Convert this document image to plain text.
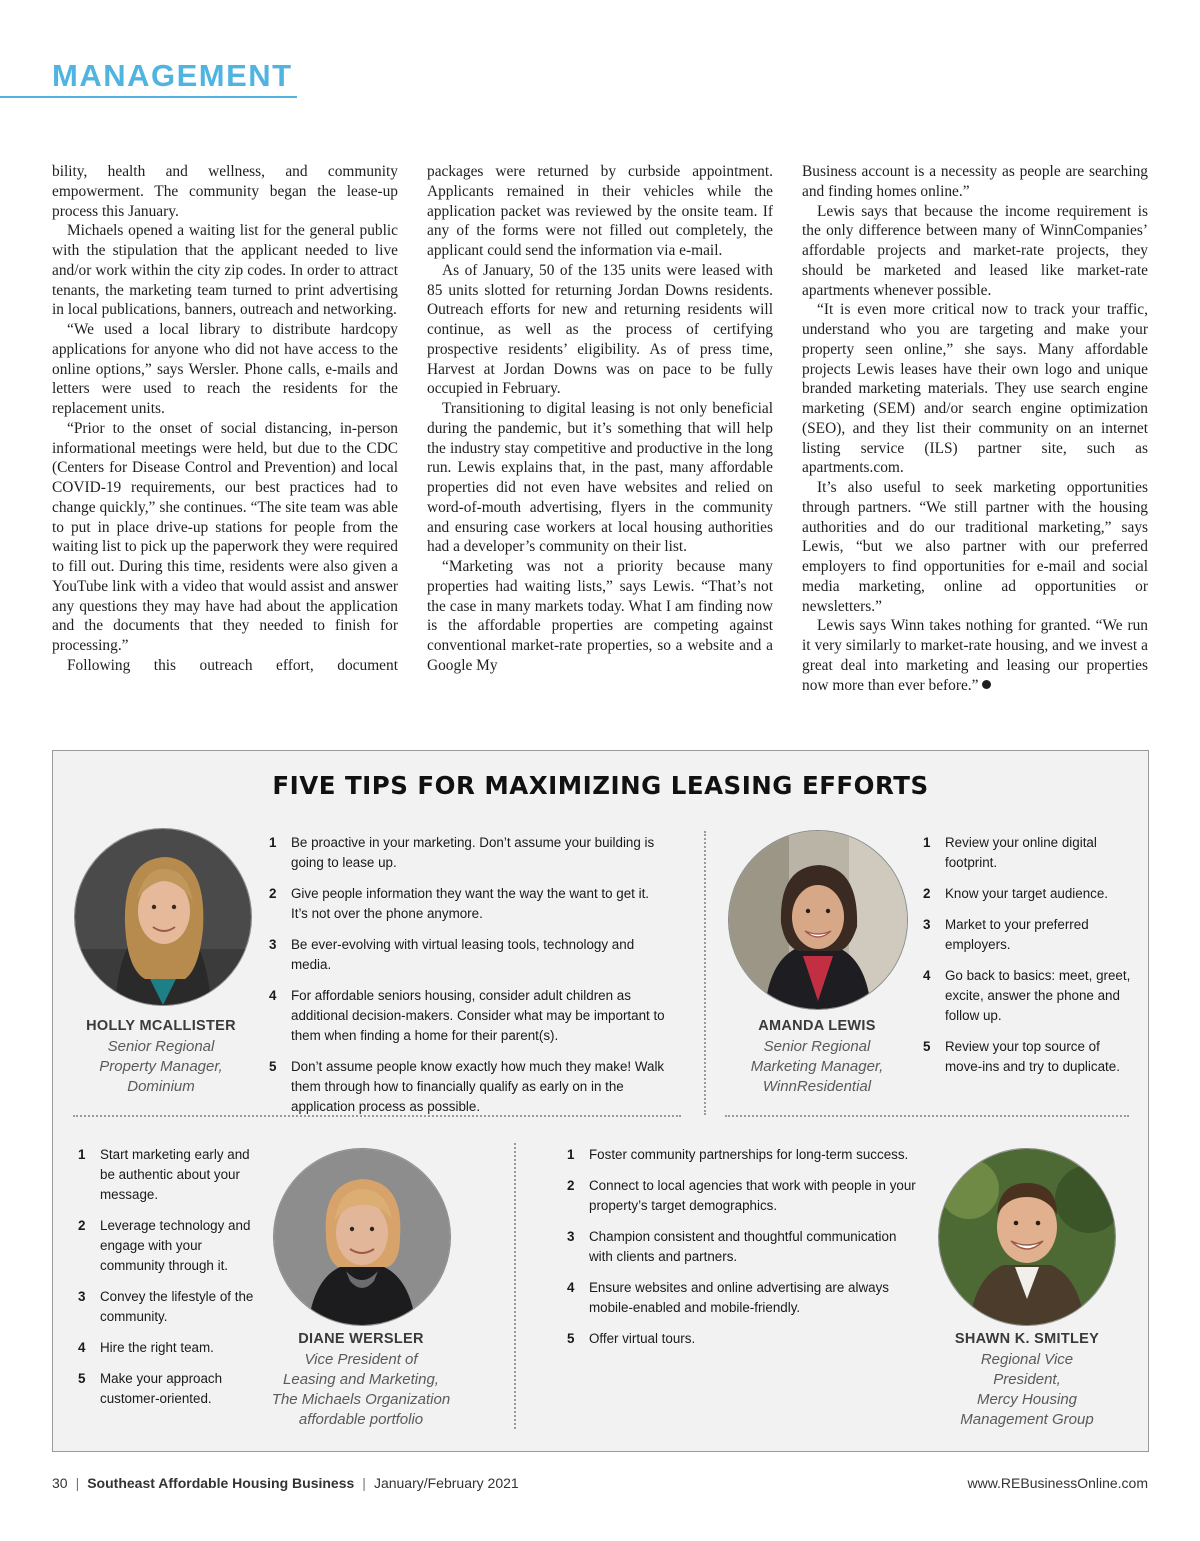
MANAGEMENT

bility, health and wellness, and community empowerment. The community began the lease-up process this January.

Michaels opened a waiting list for the general public with the stipulation that the applicant needed to live and/or work within the city zip codes. In order to attract tenants, the marketing team turned to print advertising in local publications, banners, outreach and networking.

“We used a local library to distribute hardcopy applications for anyone who did not have access to the online options,” says Wersler. Phone calls, e-mails and letters were used to reach the residents for the replacement units.

“Prior to the onset of social distancing, in-person informational meetings were held, but due to the CDC (Centers for Disease Control and Prevention) and local COVID-19 requirements, our best practices had to change quickly,” she continues. “The site team was able to put in place drive-up stations for people from the waiting list to pick up the paperwork they were required to fill out. During this time, residents were also given a YouTube link with a video that would assist and answer any questions they may have had about the application and the documents that they needed to finish for processing.”

Following this outreach effort, document

packages were returned by curbside appointment. Applicants remained in their vehicles while the application packet was reviewed by the onsite team. If any of the forms were not filled out completely, the applicant could send the information via e-mail.

As of January, 50 of the 135 units were leased with 85 units slotted for returning Jordan Downs residents. Outreach efforts for new and returning residents will continue, as well as the process of certifying prospective residents’ eligibility. As of press time, Harvest at Jordan Downs was on pace to be fully occupied in February.

Transitioning to digital leasing is not only beneficial during the pandemic, but it’s something that will help the industry stay competitive and productive in the long run. Lewis explains that, in the past, many affordable properties did not even have websites and relied on word-of-mouth advertising, flyers in the community and ensuring case workers at local housing authorities had a developer’s community on their list.

“Marketing was not a priority because many properties had waiting lists,” says Lewis. “That’s not the case in many markets today. What I am finding now is the affordable properties are competing against conventional market-rate properties, so a website and a Google My

Business account is a necessity as people are searching and finding homes online.”

Lewis says that because the income requirement is the only difference between many of WinnCompanies’ affordable projects and market-rate projects, they should be marketed and leased like market-rate apartments whenever possible.

“It is even more critical now to track your traffic, understand who you are targeting and make your property seen online,” she says. Many affordable projects Lewis leases have their own logo and unique branded marketing materials. They use search engine marketing (SEM) and/or search engine optimization (SEO), and they list their community on an internet listing service (ILS) partner site, such as apartments.com.

It’s also useful to seek marketing opportunities through partners. “We still partner with the housing authorities and do our traditional marketing,” says Lewis, “but we also partner with our preferred employers to find opportunities for e-mail and social media marketing, online ad opportunities or newsletters.”

Lewis says Winn takes nothing for granted. “We run it very similarly to market-rate housing, and we invest a great deal into marketing and leasing our properties now more than ever before.”

FIVE TIPS FOR MAXIMIZING LEASING EFFORTS
HOLLY MCALLISTER
Senior Regional
Property Manager,
Dominium
1 Be proactive in your marketing. Don’t assume your building is going to lease up.
2 Give people information they want the way the want to get it. It’s not over the phone anymore.
3 Be ever-evolving with virtual leasing tools, technology and media.
4 For affordable seniors housing, consider adult children as additional decision-makers. Consider what may be important to them when finding a home for their parent(s).
5 Don’t assume people know exactly how much they make! Walk them through how to financially qualify as early on in the application process as possible.
AMANDA LEWIS
Senior Regional
Marketing Manager,
WinnResidential
1 Review your online digital footprint.
2 Know your target audience.
3 Market to your preferred employers.
4 Go back to basics: meet, greet, excite, answer the phone and follow up.
5 Review your top source of move-ins and try to duplicate.
1 Start marketing early and be authentic about your message.
2 Leverage technology and engage with your community through it.
3 Convey the lifestyle of the community.
4 Hire the right team.
5 Make your approach customer-oriented.
DIANE WERSLER
Vice President of
Leasing and Marketing,
The Michaels Organization
affordable portfolio
1 Foster community partnerships for long-term success.
2 Connect to local agencies that work with people in your property’s target demographics.
3 Champion consistent and thoughtful communication with clients and partners.
4 Ensure websites and online advertising are always mobile-enabled and mobile-friendly.
5 Offer virtual tours.	SHAWN K. SMITLEY
Regional Vice
President,
Mercy Housing
Management Group
30 | Southeast Affordable Housing Business | January/February 2021	www.REBusinessOnline.com
